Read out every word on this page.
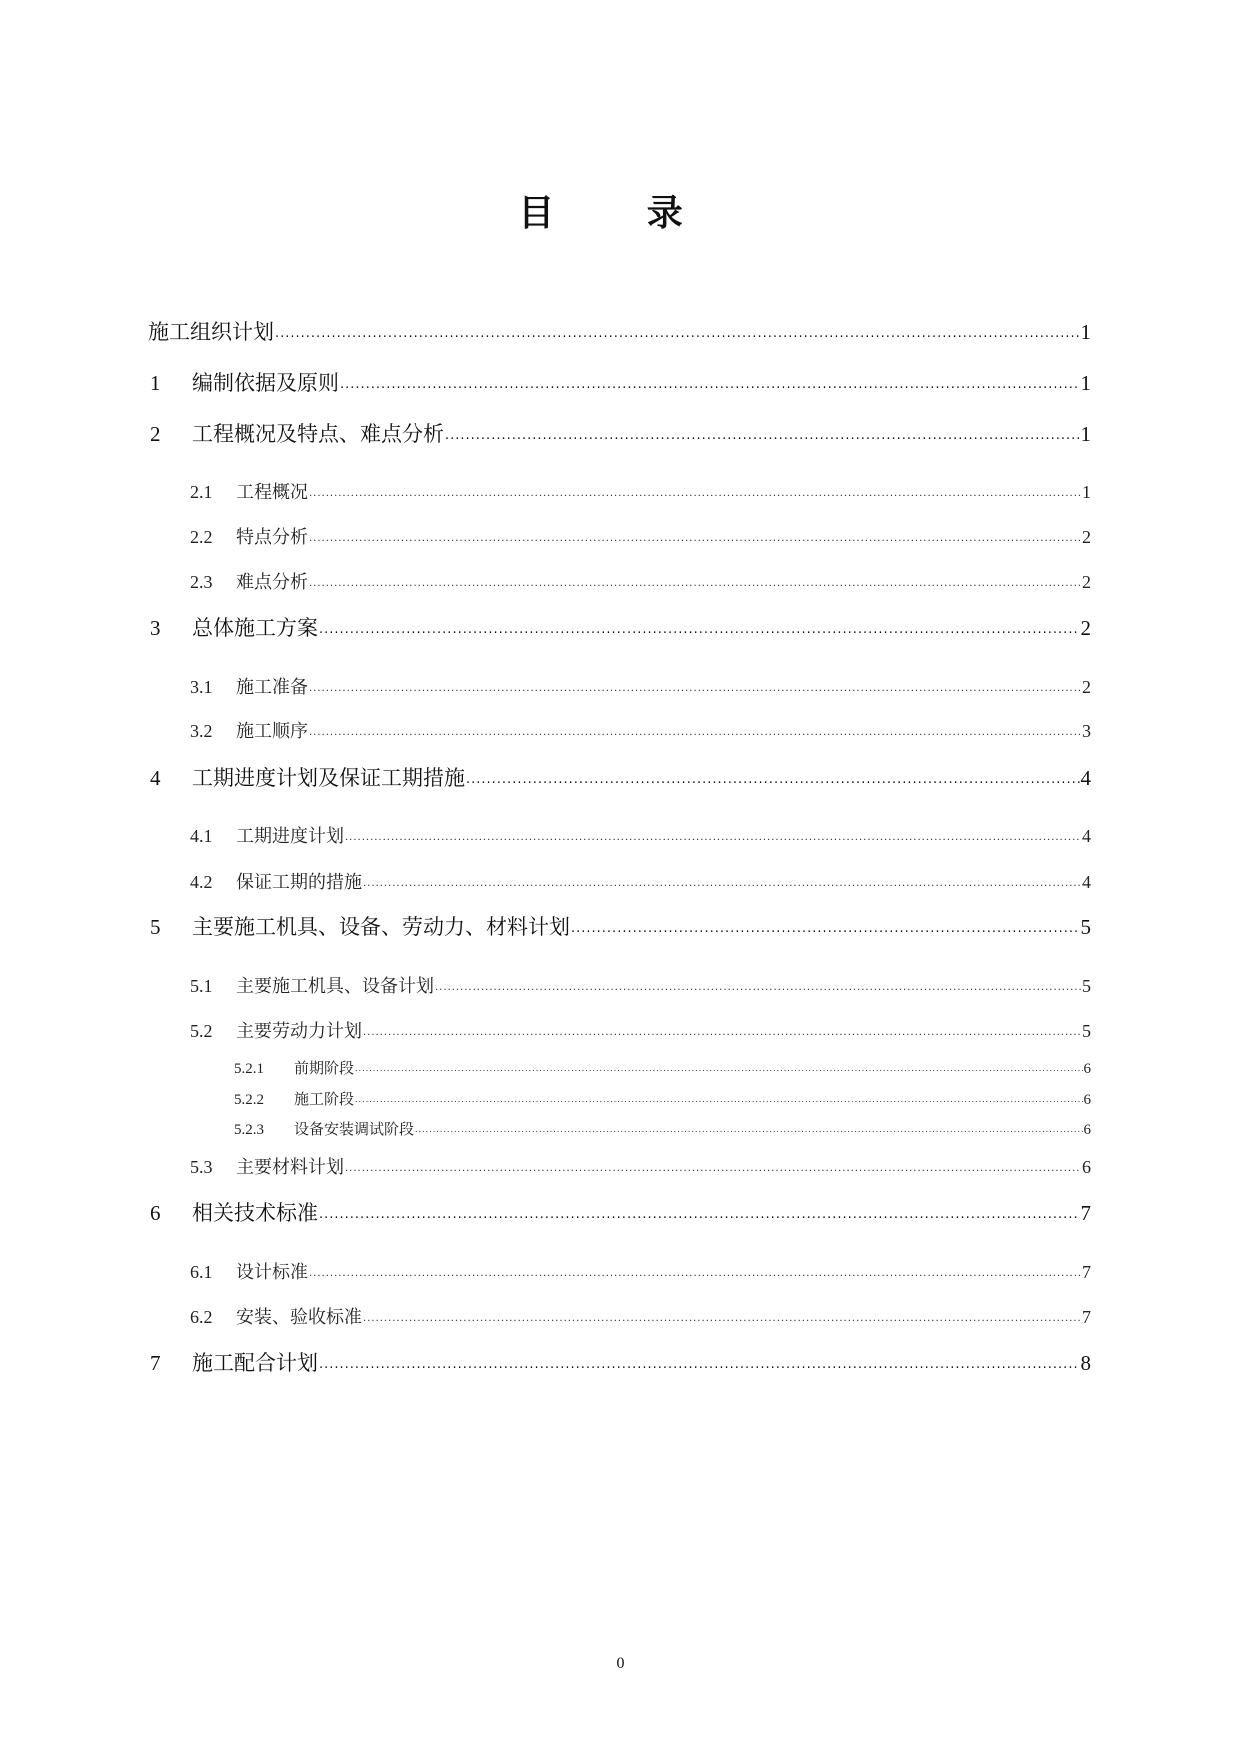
目 录
施工组织计划 .....	1
1	编制依据及原则 .....	1
2	工程概况及特点、难点分析 .....	1
2.1	工程概况 .....	1
2.2	特点分析 .....	2
2.3	难点分析 .....	2
3	总体施工方案 .....	2
3.1	施工准备 .....	2
3.2	施工顺序 .....	3
4	工期进度计划及保证工期措施 .....	4
4.1	工期进度计划 .....	4
4.2	保证工期的措施 .....	4
5	主要施工机具、设备、劳动力、材料计划 .....	5
5.1	主要施工机具、设备计划 .....	5
5.2	主要劳动力计划 .....	5
5.2.1	前期阶段 .....	6
5.2.2	施工阶段 .....	6
5.2.3	设备安装调试阶段 .....	6
5.3	主要材料计划 .....	6
6	相关技术标准 .....	7
6.1	设计标准 .....	7
6.2	安装、验收标准 .....	7
7	施工配合计划 .....	8
0
